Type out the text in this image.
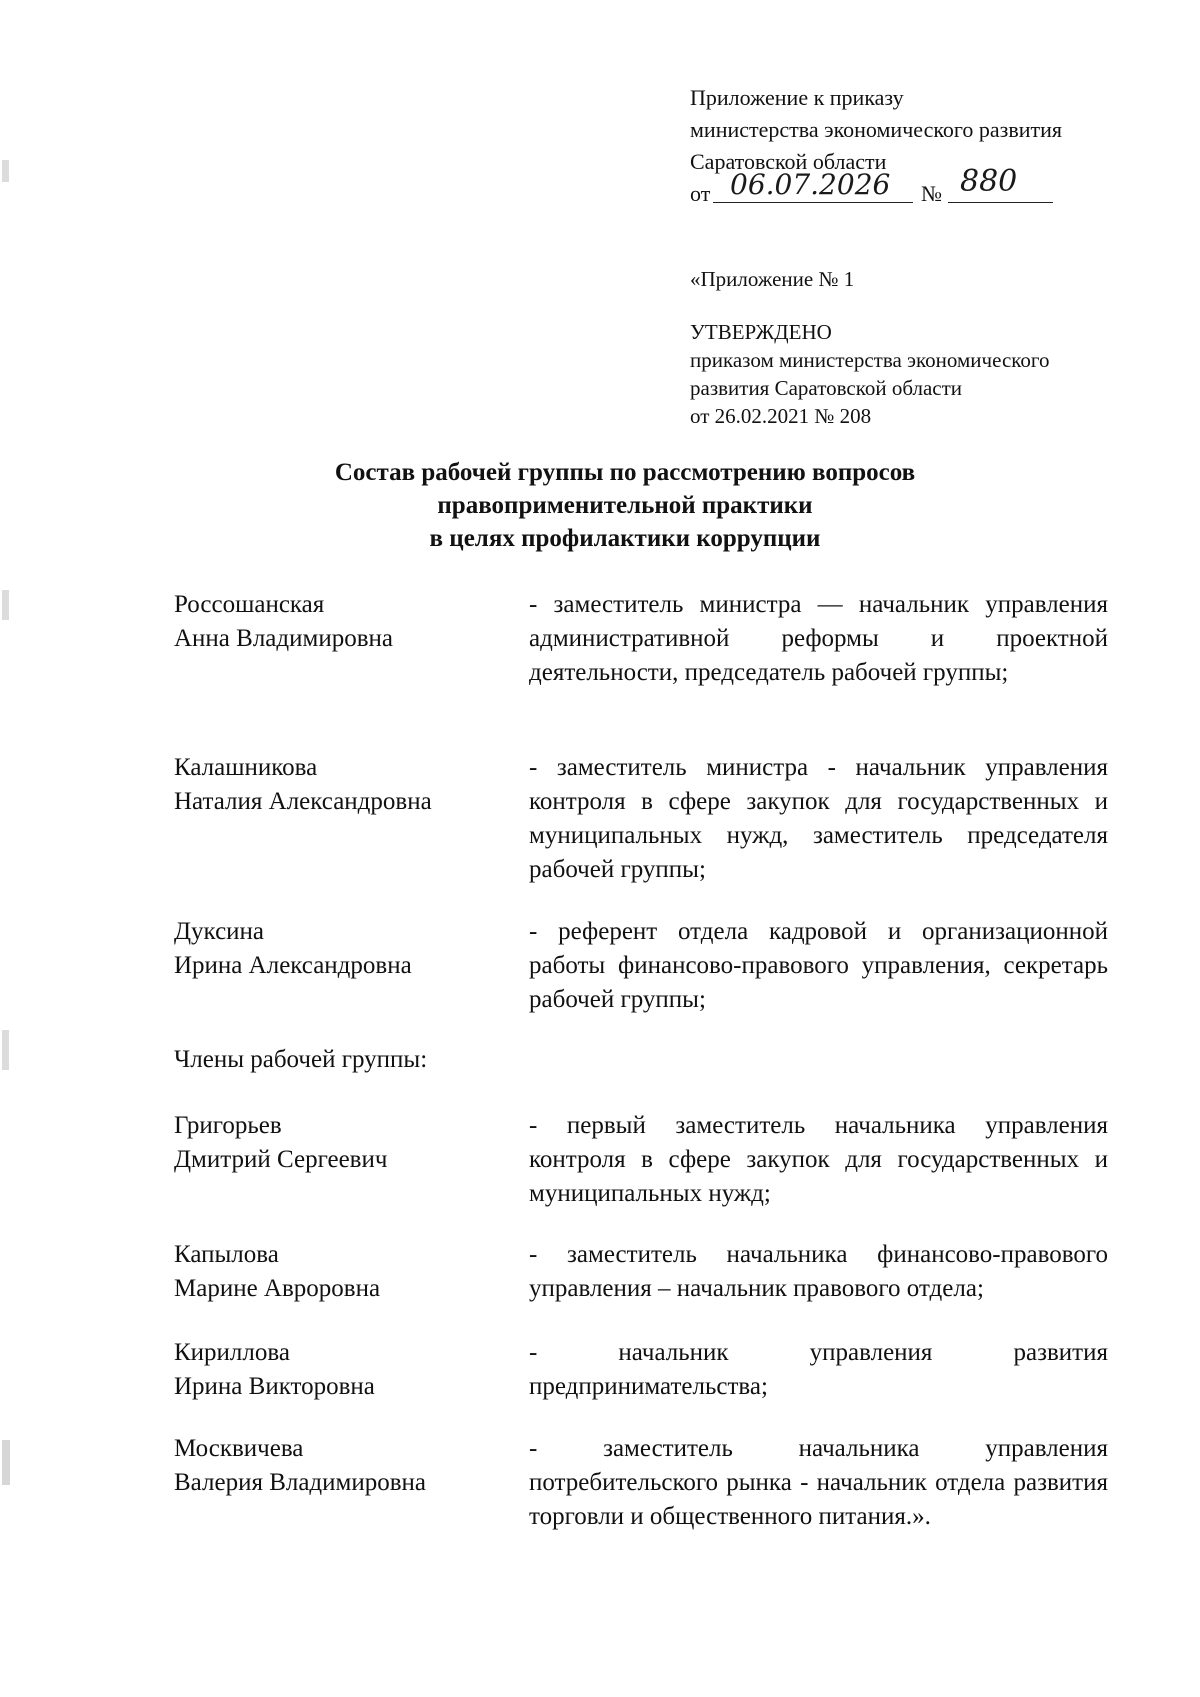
Приложение к приказу
министерства экономического развития
Саратовской области
от 06.07.2026 № 880
«Приложение № 1
УТВЕРЖДЕНО
приказом министерства экономического
развития Саратовской области
от 26.02.2021 № 208
Состав рабочей группы по рассмотрению вопросов
правоприменительной практики
в целях профилактики коррупции
Россошанская
Анна Владимировна
- заместитель министра — начальник управления административной реформы и проектной деятельности, председатель рабочей группы;
Калашникова
Наталия Александровна
- заместитель министра - начальник управления контроля в сфере закупок для государственных и муниципальных нужд, заместитель председателя рабочей группы;
Дуксина
Ирина Александровна
- референт отдела кадровой и организационной работы финансово-правового управления, секретарь рабочей группы;
Члены рабочей группы:
Григорьев
Дмитрий Сергеевич
- первый заместитель начальника управления контроля в сфере закупок для государственных и муниципальных нужд;
Капылова
Марине Авроровна
- заместитель начальника финансово-правового управления – начальник правового отдела;
Кириллова
Ирина Викторовна
- начальник управления развития предпринимательства;
Москвичева
Валерия Владимировна
- заместитель начальника управления потребительского рынка - начальник отдела развития торговли и общественного питания.».
